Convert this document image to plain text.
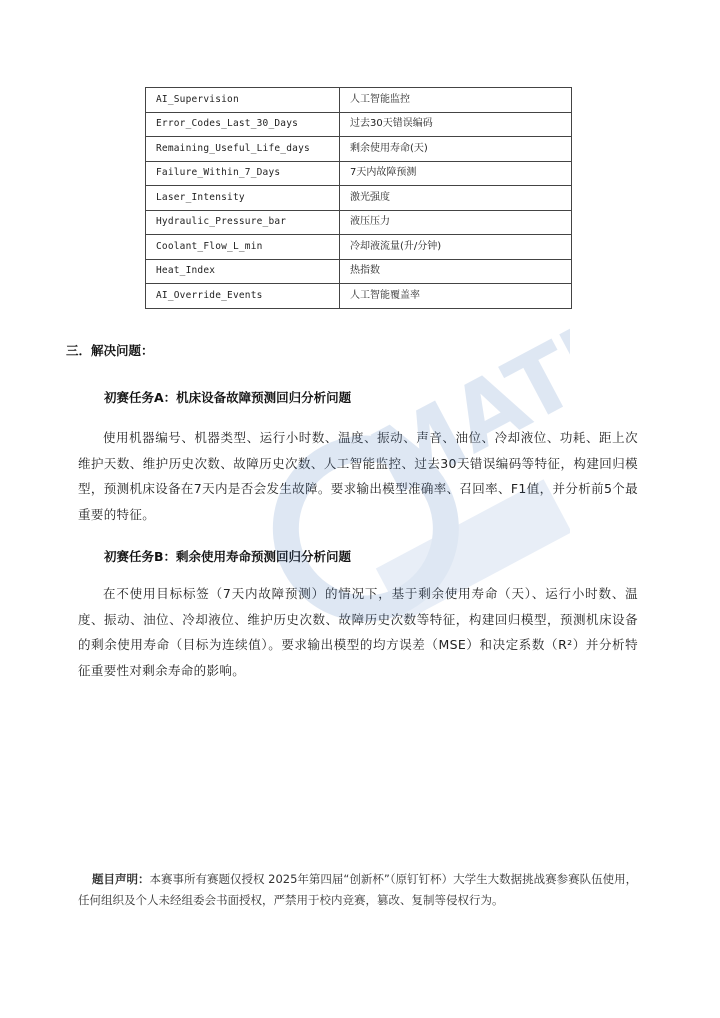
AI_Supervision	人工智能监控
Error_Codes_Last_30_Days	过去30天错误编码
Remaining_Useful_Life_days	剩余使用寿命(天)
Failure_Within_7_Days	7天内故障预测
Laser_Intensity	激光强度
Hydraulic_Pressure_bar	液压压力
Coolant_Flow_L_min	冷却液流量(升/分钟)
Heat_Index	热指数
AI_Override_Events	人工智能覆盖率
三．解决问题：
初赛任务A：机床设备故障预测回归分析问题

使用机器编号、机器类型、运行小时数、温度、振动、声音、油位、冷却液位、功耗、距上次维护天数、维护历史次数、故障历史次数、人工智能监控、过去30天错误编码等特征，构建回归模型，预测机床设备在7天内是否会发生故障。要求输出模型准确率、召回率、F1值，并分析前5个最重要的特征。

初赛任务B：剩余使用寿命预测回归分析问题

在不使用目标标签（7天内故障预测）的情况下，基于剩余使用寿命（天）、运行小时数、温度、振动、油位、冷却液位、维护历史次数、故障历史次数等特征，构建回归模型，预测机床设备的剩余使用寿命（目标为连续值）。要求输出模型的均方误差（MSE）和决定系数（R²）并分析特征重要性对剩余寿命的影响。

题目声明：本赛事所有赛题仅授权 2025年第四届“创新杯”（原钉钉杯）大学生大数据挑战赛参赛队伍使用，任何组织及个人未经组委会书面授权，严禁用于校内竞赛，篡改、复制等侵权行为。
MATH
